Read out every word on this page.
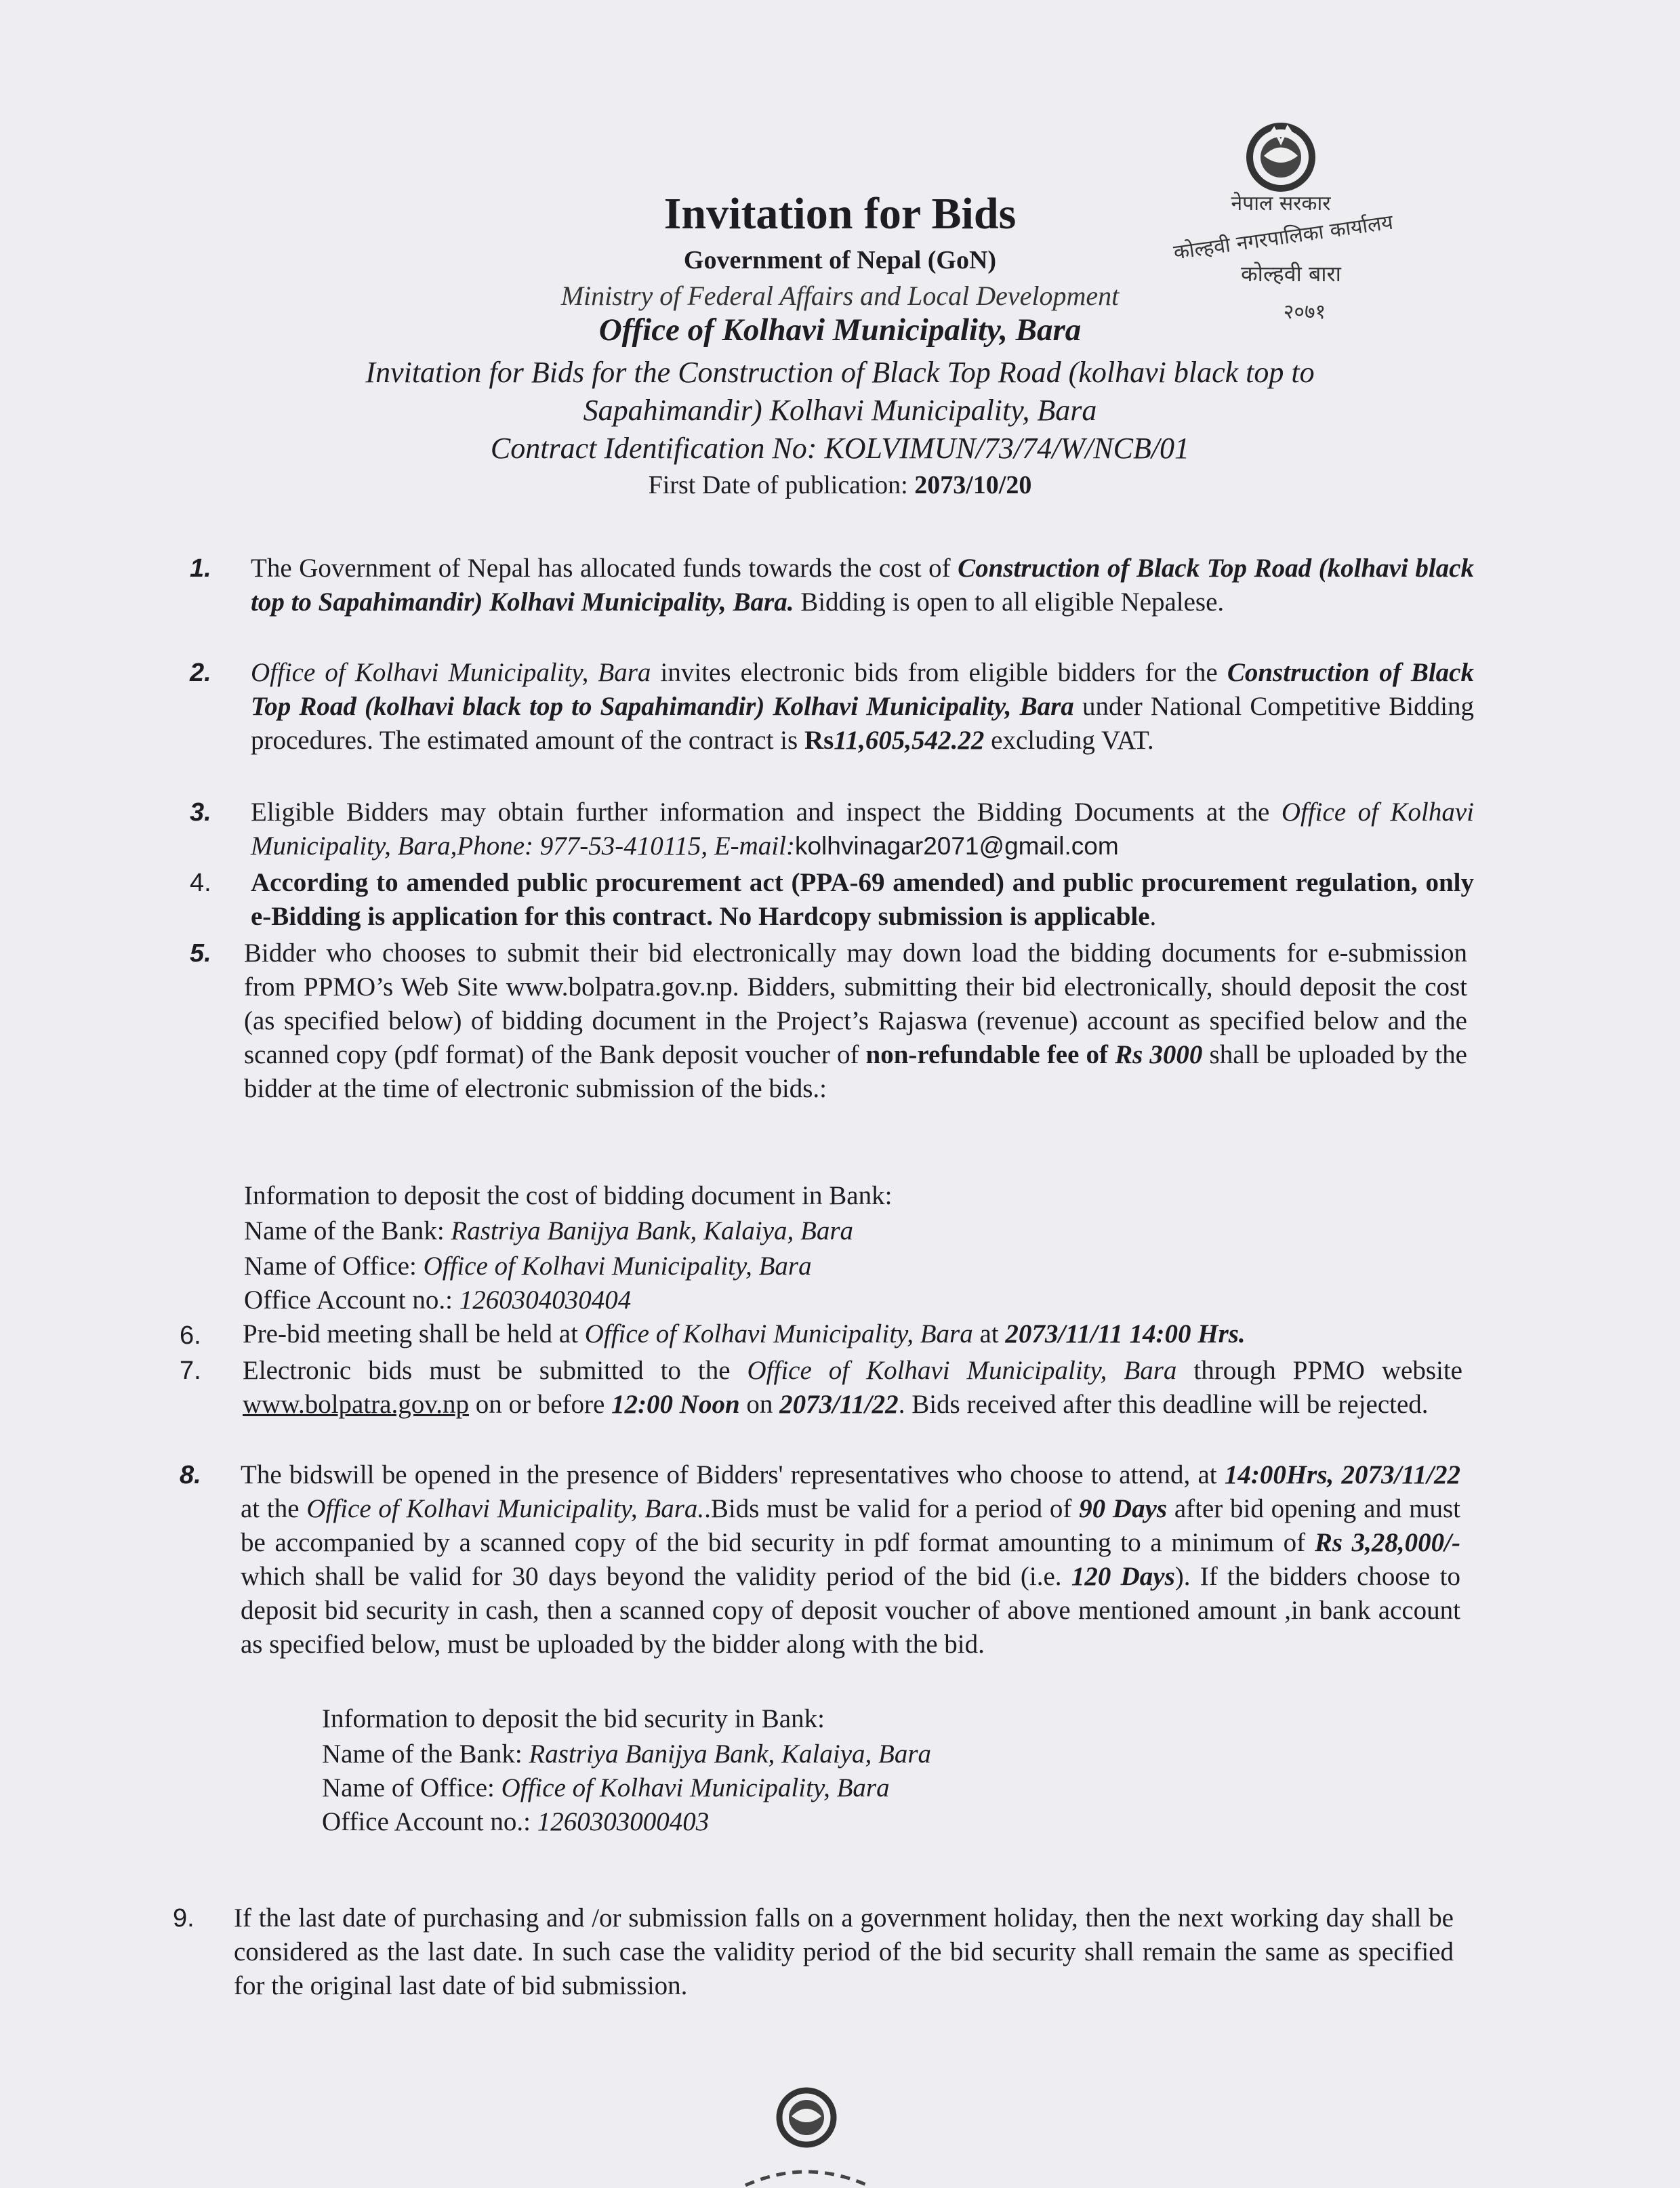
नेपाल सरकार
कोल्हवी नगरपालिका कार्यालय
कोल्हवी बारा
२०७१
Invitation for Bids
Government of Nepal (GoN)
Ministry of Federal Affairs and Local Development
Office of Kolhavi Municipality, Bara
Invitation for Bids for the Construction of Black Top Road (kolhavi black top to
Sapahimandir) Kolhavi Municipality, Bara
Contract Identification No: KOLVIMUN/73/74/W/NCB/01
First Date of publication: 2073/10/20
1. The Government of Nepal has allocated funds towards the cost of Construction of Black Top Road (kolhavi black top to Sapahimandir) Kolhavi Municipality, Bara. Bidding is open to all eligible Nepalese.
2. Office of Kolhavi Municipality, Bara invites electronic bids from eligible bidders for the Construction of Black Top Road (kolhavi black top to Sapahimandir) Kolhavi Municipality, Bara under National Competitive Bidding procedures. The estimated amount of the contract is Rs11,605,542.22 excluding VAT.
3. Eligible Bidders may obtain further information and inspect the Bidding Documents at the Office of Kolhavi Municipality, Bara,Phone: 977-53-410115, E-mail:kolhvinagar2071@gmail.com
4. According to amended public procurement act (PPA-69 amended) and public procurement regulation, only e-Bidding is application for this contract. No Hardcopy submission is applicable.
5. Bidder who chooses to submit their bid electronically may down load the bidding documents for e-submission from PPMO’s Web Site www.bolpatra.gov.np. Bidders, submitting their bid electronically, should deposit the cost (as specified below) of bidding document in the Project’s Rajaswa (revenue) account as specified below and the scanned copy (pdf format) of the Bank deposit voucher of non-refundable fee of Rs 3000 shall be uploaded by the bidder at the time of electronic submission of the bids.:
Information to deposit the cost of bidding document in Bank:
Name of the Bank: Rastriya Banijya Bank, Kalaiya, Bara
Name of Office: Office of Kolhavi Municipality, Bara
Office Account no.: 1260304030404
6. Pre-bid meeting shall be held at Office of Kolhavi Municipality, Bara at 2073/11/11 14:00 Hrs.
7. Electronic bids must be submitted to the Office of Kolhavi Municipality, Bara through PPMO website www.bolpatra.gov.np on or before 12:00 Noon on 2073/11/22. Bids received after this deadline will be rejected.
8. The bidswill be opened in the presence of Bidders' representatives who choose to attend, at 14:00Hrs, 2073/11/22 at the Office of Kolhavi Municipality, Bara..Bids must be valid for a period of 90 Days after bid opening and must be accompanied by a scanned copy of the bid security in pdf format amounting to a minimum of Rs 3,28,000/- which shall be valid for 30 days beyond the validity period of the bid (i.e. 120 Days). If the bidders choose to deposit bid security in cash, then a scanned copy of deposit voucher of above mentioned amount ,in bank account as specified below, must be uploaded by the bidder along with the bid.
Information to deposit the bid security in Bank:
Name of the Bank: Rastriya Banijya Bank, Kalaiya, Bara
Name of Office: Office of Kolhavi Municipality, Bara
Office Account no.: 1260303000403
9. If the last date of purchasing and /or submission falls on a government holiday, then the next working day shall be considered as the last date. In such case the validity period of the bid security shall remain the same as specified for the original last date of bid submission.
